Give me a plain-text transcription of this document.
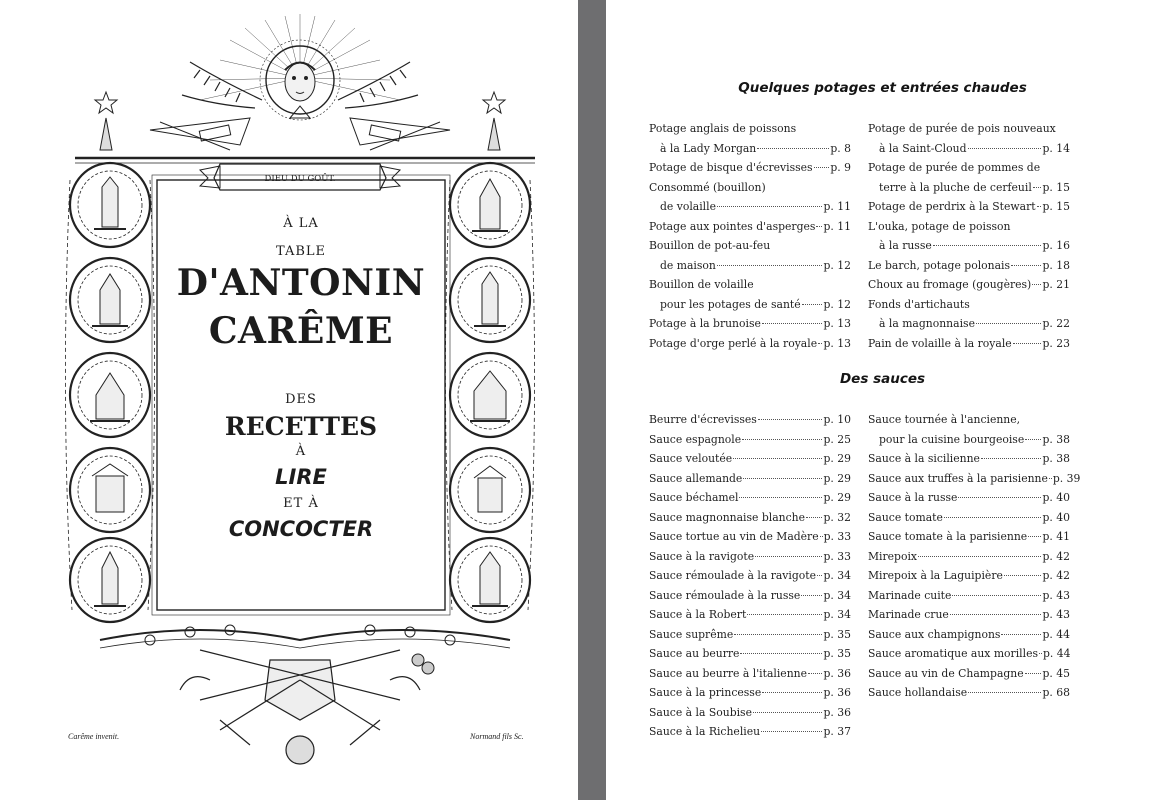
DIEU DU GOÛT.
À LA
TABLE
D'ANTONIN
CARÊME
DES
RECETTES
À
LIRE
ET À
CONCOCTER
Carême invenit.	Normand fils Sc.
Quelques potages et entrées chaudes
Potage anglais de poissons
à la Lady Morgan	p. 8
Potage de bisque d'écrevisses p. 9
Consommé (bouillon)
de volaille	p. 11
Potage aux pointes d'asperges p. 11
Bouillon de pot-au-feu
de maison	p. 12
Bouillon de volaille
pour les potages de santé p. 12
Potage à la brunoise	p. 13
Potage d'orge perlé à la royale p. 13
Potage de purée de pois nouveaux
à la Saint-Cloud	p. 14
Potage de purée de pommes de
terre à la pluche de cerfeuil p. 15
Potage de perdrix à la Stewart p. 15
L'ouka, potage de poisson
à la russe	p. 16
Le barch, potage polonais	p. 18
Choux au fromage (gougères) p. 21
Fonds d'artichauts
à la magnonnaise	p. 22
Pain de volaille à la royale	p. 23
Des sauces
Beurre d'écrevisses	p. 10
Sauce espagnole	p. 25
Sauce veloutée	p. 29
Sauce allemande	p. 29
Sauce béchamel	p. 29
Sauce magnonnaise blanche p. 32
Sauce tortue au vin de Madère p. 33
Sauce à la ravigote	p. 33
Sauce rémoulade à la ravigote p. 34
Sauce rémoulade à la russe p. 34
Sauce à la Robert	p. 34
Sauce suprême	p. 35
Sauce au beurre	p. 35
Sauce au beurre à l'italienne p. 36
Sauce à la princesse	p. 36
Sauce à la Soubise	p. 36
Sauce à la Richelieu	p. 37
Sauce tournée à l'ancienne,
pour la cuisine bourgeoise p. 38
Sauce à la sicilienne	p. 38
Sauce aux truffes à la parisienne p. 39
Sauce à la russe	p. 40
Sauce tomate	p. 40
Sauce tomate à la parisienne p. 41
Mirepoix	p. 42
Mirepoix à la Laguipière	p. 42
Marinade cuite	p. 43
Marinade crue	p. 43
Sauce aux champignons	p. 44
Sauce aromatique aux morilles p. 44
Sauce au vin de Champagne p. 45
Sauce hollandaise	p. 68
